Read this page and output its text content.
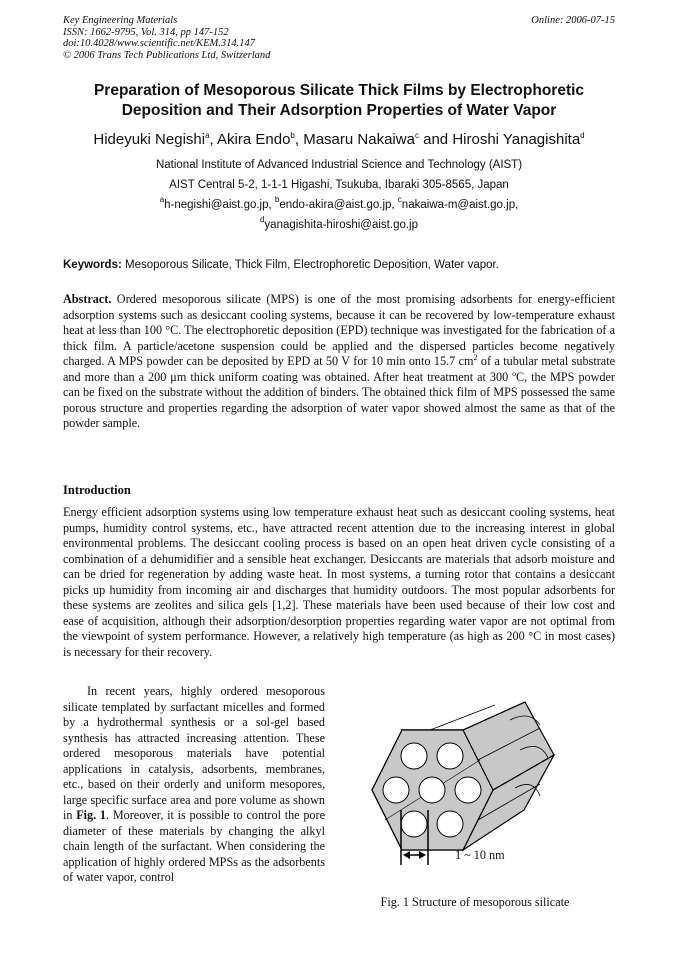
Key Engineering Materials
ISSN: 1662-9795, Vol. 314, pp 147-152
doi:10.4028/www.scientific.net/KEM.314.147
© 2006 Trans Tech Publications Ltd, Switzerland
Online: 2006-07-15
Preparation of Mesoporous Silicate Thick Films by Electrophoretic
Deposition and Their Adsorption Properties of Water Vapor
Hideyuki Negishi$^a$, Akira Endo$^b$, Masaru Nakaiwa$^c$ and Hiroshi Yanagishita$^d$
National Institute of Advanced Industrial Science and Technology (AIST)
AIST Central 5-2, 1-1-1 Higashi, Tsukuba, Ibaraki 305-8565, Japan
$^a$h-negishi@aist.go.jp, $^b$endo-akira@aist.go.jp, $^c$nakaiwa-m@aist.go.jp,
$^d$yanagishita-hiroshi@aist.go.jp
Keywords: Mesoporous Silicate, Thick Film, Electrophoretic Deposition, Water vapor.
Abstract. Ordered mesoporous silicate (MPS) is one of the most promising adsorbents for energy-efficient adsorption systems such as desiccant cooling systems, because it can be recovered by low-temperature exhaust heat at less than 100 °C. The electrophoretic deposition (EPD) technique was investigated for the fabrication of a thick film. A particle/acetone suspension could be applied and the dispersed particles become negatively charged. A MPS powder can be deposited by EPD at 50 V for 10 min onto 15.7 $cm^2$ of a tubular metal substrate and more than a 200 μm thick uniform coating was obtained. After heat treatment at 300 ºC, the MPS powder can be fixed on the substrate without the addition of binders. The obtained thick film of MPS possessed the same porous structure and properties regarding the adsorption of water vapor showed almost the same as that of the powder sample.
Introduction
Energy efficient adsorption systems using low temperature exhaust heat such as desiccant cooling systems, heat pumps, humidity control systems, etc., have attracted recent attention due to the increasing interest in global environmental problems. The desiccant cooling process is based on an open heat driven cycle consisting of a combination of a dehumidifier and a sensible heat exchanger. Desiccants are materials that adsorb moisture and can be dried for regeneration by adding waste heat. In most systems, a turning rotor that contains a desiccant picks up humidity from incoming air and discharges that humidity outdoors. The most popular adsorbents for these systems are zeolites and silica gels [1,2]. These materials have been used because of their low cost and ease of acquisition, although their adsorption/desorption properties regarding water vapor are not optimal from the viewpoint of system performance. However, a relatively high temperature (as high as 200 °C in most cases) is necessary for their recovery.
In recent years, highly ordered mesoporous silicate templated by surfactant micelles and formed by a hydrothermal synthesis or a sol-gel based synthesis has attracted increasing attention. These ordered mesoporous materials have potential applications in catalysis, adsorbents, membranes, etc., based on their orderly and uniform mesopores, large specific surface area and pore volume as shown in Fig. 1. Moreover, it is possible to control the pore diameter of these materials by changing the alkyl chain length of the surfactant. When considering the application of highly ordered MPSs as the adsorbents of water vapor, control
1 ~ 10 nm
Fig. 1 Structure of mesoporous silicate
